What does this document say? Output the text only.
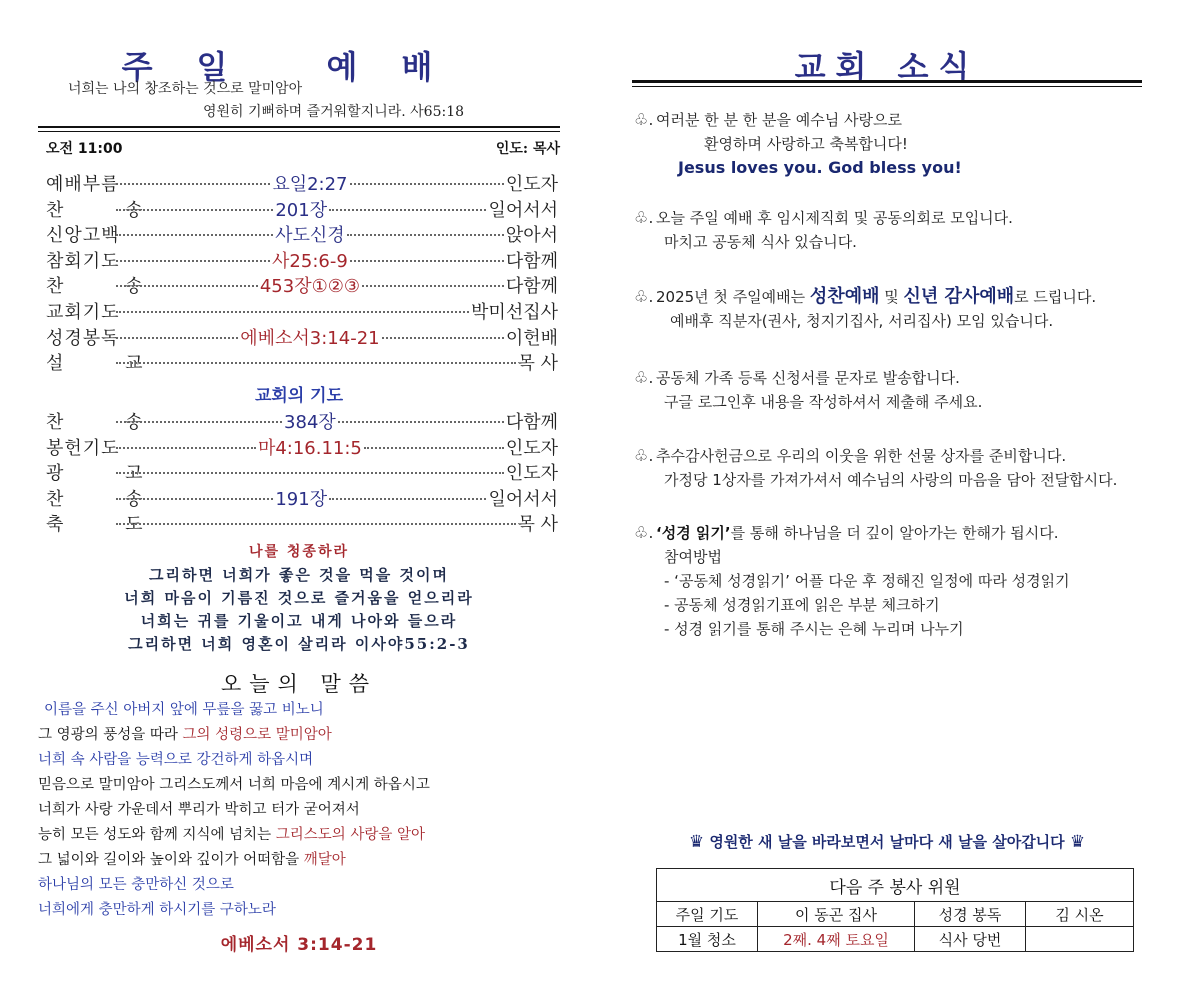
주일 예배
너희는 나의 창조하는 것으로 말미암아
영원히 기뻐하며 즐거워할지니라. 사65:18
오전 11:00	인도: 목사
예배부름	요일2:27	인도자
찬 송	201장	일어서서
신앙고백	사도신경	앉아서
참회기도	사25:6-9	다함께
찬 송	453장①②③	다함께
교회기도	박미선집사
성경봉독	에베소서3:14-21	이헌배
설 교	목 사
교회의 기도
찬 송	384장	다함께
봉헌기도	마4:16.11:5	인도자
광 고	인도자
찬 송	191장	일어서서
축 도	목 사
나를 청종하라
그리하면 너희가 좋은 것을 먹을 것이며
너희 마음이 기름진 것으로 즐거움을 얻으리라
너희는 귀를 기울이고 내게 나아와 들으라
그리하면 너희 영혼이 살리라 이사야55:2-3
오늘의 말씀
이름을 주신 아버지 앞에 무릎을 꿇고 비노니
그 영광의 풍성을 따라 그의 성령으로 말미암아
너희 속 사람을 능력으로 강건하게 하옵시며
믿음으로 말미암아 그리스도께서 너희 마음에 계시게 하옵시고
너희가 사랑 가운데서 뿌리가 박히고 터가 굳어져서
능히 모든 성도와 함께 지식에 넘치는 그리스도의 사랑을 알아
그 넓이와 길이와 높이와 깊이가 어떠함을 깨달아
하나님의 모든 충만하신 것으로
너희에게 충만하게 하시기를 구하노라
에베소서 3:14-21
교회 소식
♧. 여러분 한 분 한 분을 예수님 사랑으로
환영하며 사랑하고 축복합니다!
Jesus loves you. God bless you!
♧. 오늘 주일 예배 후 임시제직회 및 공동의회로 모입니다.
마치고 공동체 식사 있습니다.
♧. 2025년 첫 주일예배는 성찬예배 및 신년 감사예배로 드립니다.
예배후 직분자(권사, 청지기집사, 서리집사) 모임 있습니다.
♧. 공동체 가족 등록 신청서를 문자로 발송합니다.
구글 로그인후 내용을 작성하셔서 제출해 주세요.
♧. 추수감사헌금으로 우리의 이웃을 위한 선물 상자를 준비합니다.
가정당 1상자를 가져가셔서 예수님의 사랑의 마음을 담아 전달합시다.
♧. ‘성경 읽기’를 통해 하나님을 더 깊이 알아가는 한해가 됩시다.
참여방법
- ‘공동체 성경읽기’ 어플 다운 후 정해진 일정에 따라 성경읽기
- 공동체 성경읽기표에 읽은 부분 체크하기
- 성경 읽기를 통해 주시는 은혜 누리며 나누기
♛ 영원한 새 날을 바라보면서 날마다 새 날을 살아갑니다 ♛
다음 주 봉사 위원			
주일 기도	이 동곤 집사	성경 봉독	김 시온
1월 청소	2째. 4째 토요일	식사 당번	
